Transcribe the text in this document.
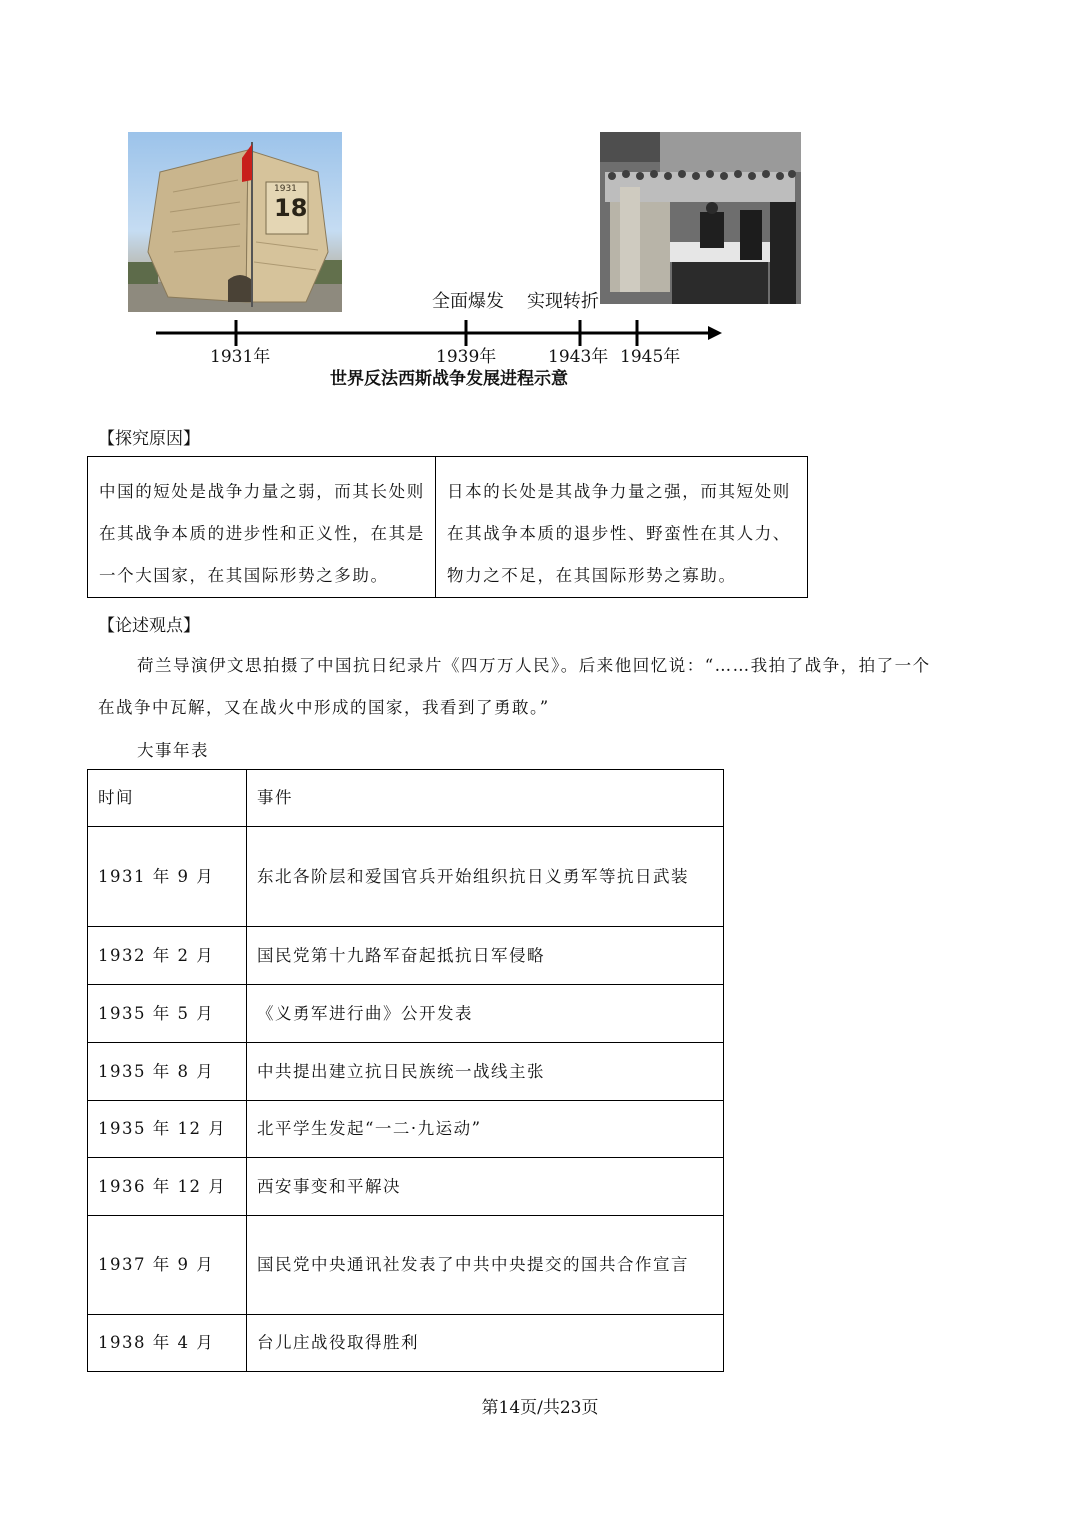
1931
18
全面爆发 实现转折
1931年	1939年	1943年 1945年
世界反法西斯战争发展进程示意
【探究原因】
中国的短处是战争力量之弱，而其长处则在其战争本质的进步性和正义性，在其是一个大国家，在其国际形势之多助。
日本的长处是其战争力量之强，而其短处则在其战争本质的退步性、野蛮性在其人力、物力之不足，在其国际形势之寡助。
【论述观点】
荷兰导演伊文思拍摄了中国抗日纪录片《四万万人民》。后来他回忆说：“……我拍了战争，拍了一个
在战争中瓦解，又在战火中形成的国家，我看到了勇敢。”
大事年表
时间	事件
1931 年 9 月	东北各阶层和爱国官兵开始组织抗日义勇军等抗日武装
1932 年 2 月	国民党第十九路军奋起抵抗日军侵略
1935 年 5 月	《义勇军进行曲》公开发表
1935 年 8 月	中共提出建立抗日民族统一战线主张
1935 年 12 月	北平学生发起“一二·九运动”
1936 年 12 月	西安事变和平解决
1937 年 9 月	国民党中央通讯社发表了中共中央提交的国共合作宣言
1938 年 4 月	台儿庄战役取得胜利
第14页/共23页
